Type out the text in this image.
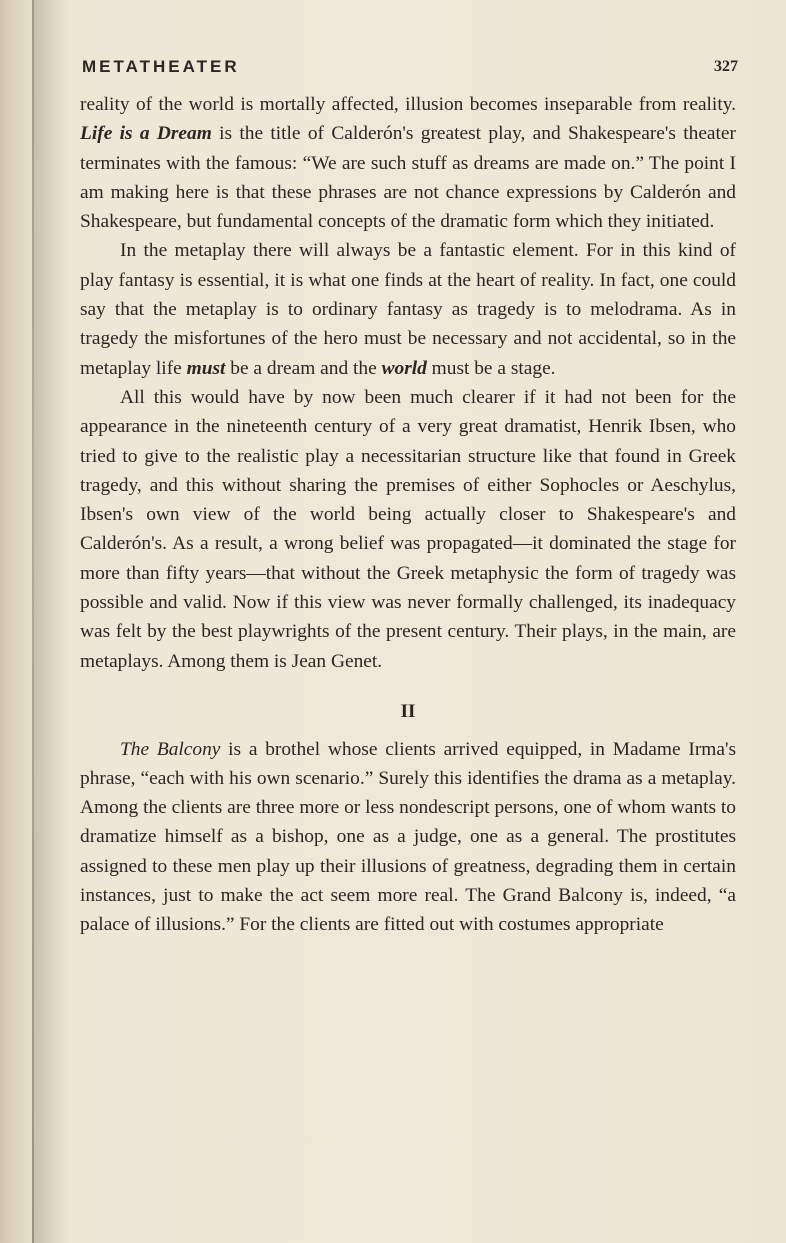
METATHEATER	327

reality of the world is mortally affected, illusion becomes inseparable from reality. Life is a Dream is the title of Calderón's greatest play, and Shakespeare's theater terminates with the famous: “We are such stuff as dreams are made on.” The point I am making here is that these phrases are not chance expressions by Calderón and Shakespeare, but fundamental concepts of the dramatic form which they initiated.

In the metaplay there will always be a fantastic element. For in this kind of play fantasy is essential, it is what one finds at the heart of reality. In fact, one could say that the metaplay is to ordinary fantasy as tragedy is to melodrama. As in tragedy the misfortunes of the hero must be necessary and not accidental, so in the metaplay life must be a dream and the world must be a stage.

All this would have by now been much clearer if it had not been for the appearance in the nineteenth century of a very great dramatist, Henrik Ibsen, who tried to give to the realistic play a necessitarian structure like that found in Greek tragedy, and this without sharing the premises of either Sophocles or Aeschylus, Ibsen's own view of the world being actually closer to Shakespeare's and Calderón's. As a result, a wrong belief was propagated—it dominated the stage for more than fifty years—that without the Greek metaphysic the form of tragedy was possible and valid. Now if this view was never formally challenged, its inadequacy was felt by the best playwrights of the present century. Their plays, in the main, are metaplays. Among them is Jean Genet.

II

The Balcony is a brothel whose clients arrived equipped, in Madame Irma's phrase, “each with his own scenario.” Surely this identifies the drama as a metaplay. Among the clients are three more or less nondescript persons, one of whom wants to dramatize himself as a bishop, one as a judge, one as a general. The prostitutes assigned to these men play up their illusions of greatness, degrading them in certain instances, just to make the act seem more real. The Grand Balcony is, indeed, “a palace of illusions.” For the clients are fitted out with costumes appropriate
